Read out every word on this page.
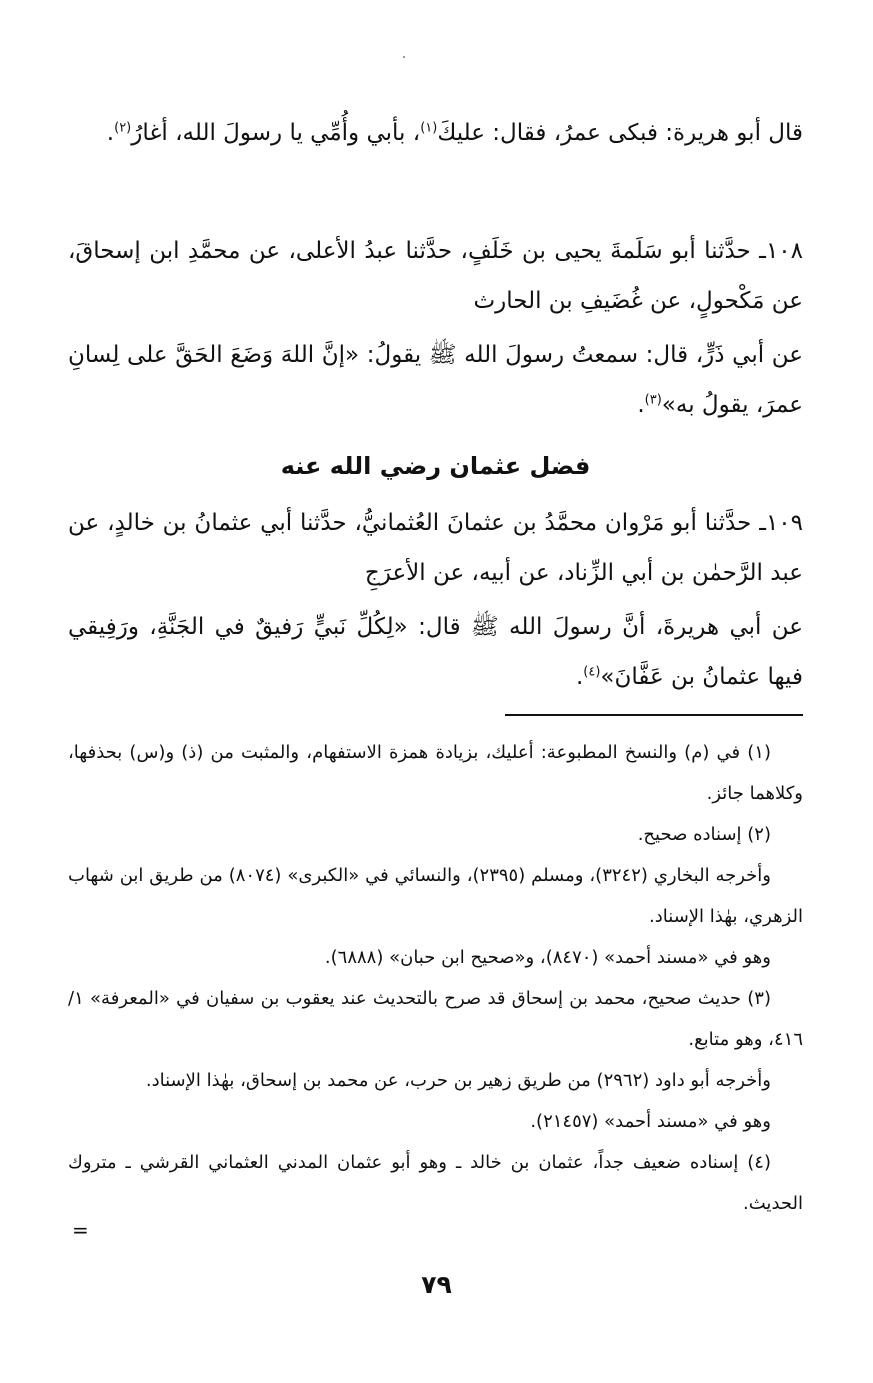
قال أبو هريرة: فبكى عمرُ، فقال: عليكَ$^{(١)}$، بأبي وأُمِّي يا رسولَ الله، أغارُ$^{(٢)}$.

١٠٨ـ حدَّثنا أبو سَلَمةَ يحيى بن خَلَفٍ، حدَّثنا عبدُ الأعلى، عن محمَّدِ ابن إسحاقَ، عن مَكْحولٍ، عن غُضَيفِ بن الحارث

عن أبي ذَرٍّ، قال: سمعتُ رسولَ الله ﷺ يقولُ: «إنَّ اللهَ وَضَعَ الحَقَّ على لِسانِ عمرَ، يقولُ به»$^{(٣)}$.

فضل عثمان رضي الله عنه

١٠٩ـ حدَّثنا أبو مَرْوان محمَّدُ بن عثمانَ العُثمانيُّ، حدَّثنا أبي عثمانُ بن خالدٍ، عن عبد الرَّحمٰن بن أبي الزِّناد، عن أبيه، عن الأعرَجِ

عن أبي هريرةَ، أنَّ رسولَ الله ﷺ قال: «لِكُلِّ نَبيٍّ رَفيقٌ في الجَنَّةِ، ورَفِيقي فيها عثمانُ بن عَفَّانَ»$^{(٤)}$.

(١) في (م) والنسخ المطبوعة: أعليك، بزيادة همزة الاستفهام، والمثبت من (ذ) و(س) بحذفها، وكلاهما جائز.

(٢) إسناده صحيح.

وأخرجه البخاري (٣٢٤٢)، ومسلم (٢٣٩٥)، والنسائي في «الكبرى» (٨٠٧٤) من طريق ابن شهاب الزهري، بهٰذا الإسناد.

وهو في «مسند أحمد» (٨٤٧٠)، و«صحيح ابن حبان» (٦٨٨٨).

(٣) حديث صحيح، محمد بن إسحاق قد صرح بالتحديث عند يعقوب بن سفيان في «المعرفة» ١/ ٤١٦، وهو متابع.

وأخرجه أبو داود (٢٩٦٢) من طريق زهير بن حرب، عن محمد بن إسحاق، بهٰذا الإسناد.

وهو في «مسند أحمد» (٢١٤٥٧).

(٤) إسناده ضعيف جداً، عثمان بن خالد ـ وهو أبو عثمان المدني العثماني القرشي ـ متروك الحديث.

=
٧٩
